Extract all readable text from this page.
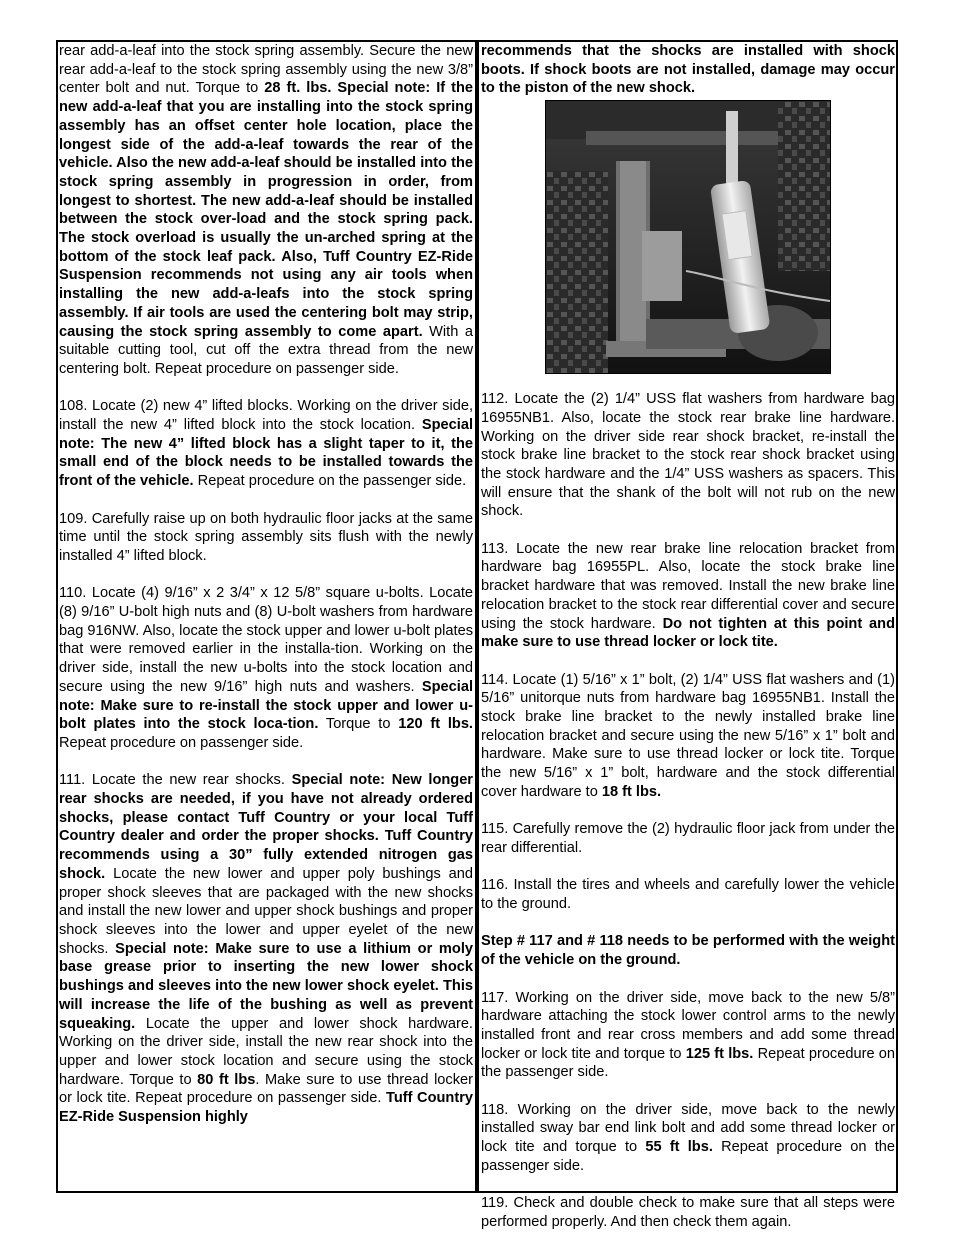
rear add-a-leaf into the stock spring assembly. Secure the new rear add-a-leaf to the stock spring assembly using the new 3/8” center bolt and nut. Torque to 28 ft. lbs. Special note: If the new add-a-leaf that you are installing into the stock spring assembly has an offset center hole location, place the longest side of the add-a-leaf towards the rear of the vehicle. Also the new add-a-leaf should be installed into the stock spring assembly in progression in order, from longest to shortest. The new add-a-leaf should be installed between the stock over-load and the stock spring pack. The stock overload is usually the un-arched spring at the bottom of the stock leaf pack. Also, Tuff Country EZ-Ride Suspension recommends not using any air tools when installing the new add-a-leafs into the stock spring assembly. If air tools are used the centering bolt may strip, causing the stock spring assembly to come apart. With a suitable cutting tool, cut off the extra thread from the new centering bolt. Repeat procedure on passenger side.

108. Locate (2) new 4” lifted blocks. Working on the driver side, install the new 4” lifted block into the stock location. Special note: The new 4” lifted block has a slight taper to it, the small end of the block needs to be installed towards the front of the vehicle. Repeat procedure on the passenger side.

109. Carefully raise up on both hydraulic floor jacks at the same time until the stock spring assembly sits flush with the newly installed 4” lifted block.

110. Locate (4) 9/16” x 2 3/4” x 12 5/8” square u-bolts. Locate (8) 9/16” U-bolt high nuts and (8) U-bolt washers from hardware bag 916NW. Also, locate the stock upper and lower u-bolt plates that were removed earlier in the installa-tion. Working on the driver side, install the new u-bolts into the stock location and secure using the new 9/16” high nuts and washers. Special note: Make sure to re-install the stock upper and lower u-bolt plates into the stock loca-tion. Torque to 120 ft lbs. Repeat procedure on passenger side.

111. Locate the new rear shocks. Special note: New longer rear shocks are needed, if you have not already ordered shocks, please contact Tuff Country or your local Tuff Country dealer and order the proper shocks. Tuff Country recommends using a 30” fully extended nitrogen gas shock. Locate the new lower and upper poly bushings and proper shock sleeves that are packaged with the new shocks and install the new lower and upper shock bushings and proper shock sleeves into the lower and upper eyelet of the new shocks. Special note: Make sure to use a lithium or moly base grease prior to inserting the new lower shock bushings and sleeves into the new lower shock eyelet. This will increase the life of the bushing as well as prevent squeaking. Locate the upper and lower shock hardware. Working on the driver side, install the new rear shock into the upper and lower stock location and secure using the stock hardware. Torque to 80 ft lbs. Make sure to use thread locker or lock tite. Repeat procedure on passenger side. Tuff Country EZ-Ride Suspension highly

recommends that the shocks are installed with shock boots. If shock boots are not installed, damage may occur to the piston of the new shock.

112. Locate the (2) 1/4” USS flat washers from hardware bag 16955NB1. Also, locate the stock rear brake line hardware. Working on the driver side rear shock bracket, re-install the stock brake line bracket to the stock rear shock bracket using the stock hardware and the 1/4” USS washers as spacers. This will ensure that the shank of the bolt will not rub on the new shock.

113. Locate the new rear brake line relocation bracket from hardware bag 16955PL. Also, locate the stock brake line bracket hardware that was removed. Install the new brake line relocation bracket to the stock rear differential cover and secure using the stock hardware. Do not tighten at this point and make sure to use thread locker or lock tite.

114. Locate (1) 5/16” x 1” bolt, (2) 1/4” USS flat washers and (1) 5/16” unitorque nuts from hardware bag 16955NB1. Install the stock brake line bracket to the newly installed brake line relocation bracket and secure using the new 5/16” x 1” bolt and hardware. Make sure to use thread locker or lock tite. Torque the new 5/16” x 1” bolt, hardware and the stock differential cover hardware to 18 ft lbs.

115. Carefully remove the (2) hydraulic floor jack from under the rear differential.

116. Install the tires and wheels and carefully lower the vehicle to the ground.

Step # 117 and # 118 needs to be performed with the weight of the vehicle on the ground.

117. Working on the driver side, move back to the new 5/8” hardware attaching the stock lower control arms to the newly installed front and rear cross members and add some thread locker or lock tite and torque to 125 ft lbs. Repeat procedure on the passenger side.

118. Working on the driver side, move back to the newly installed sway bar end link bolt and add some thread locker or lock tite and torque to 55 ft lbs. Repeat procedure on the passenger side.

119. Check and double check to make sure that all steps were performed properly. And then check them again.
